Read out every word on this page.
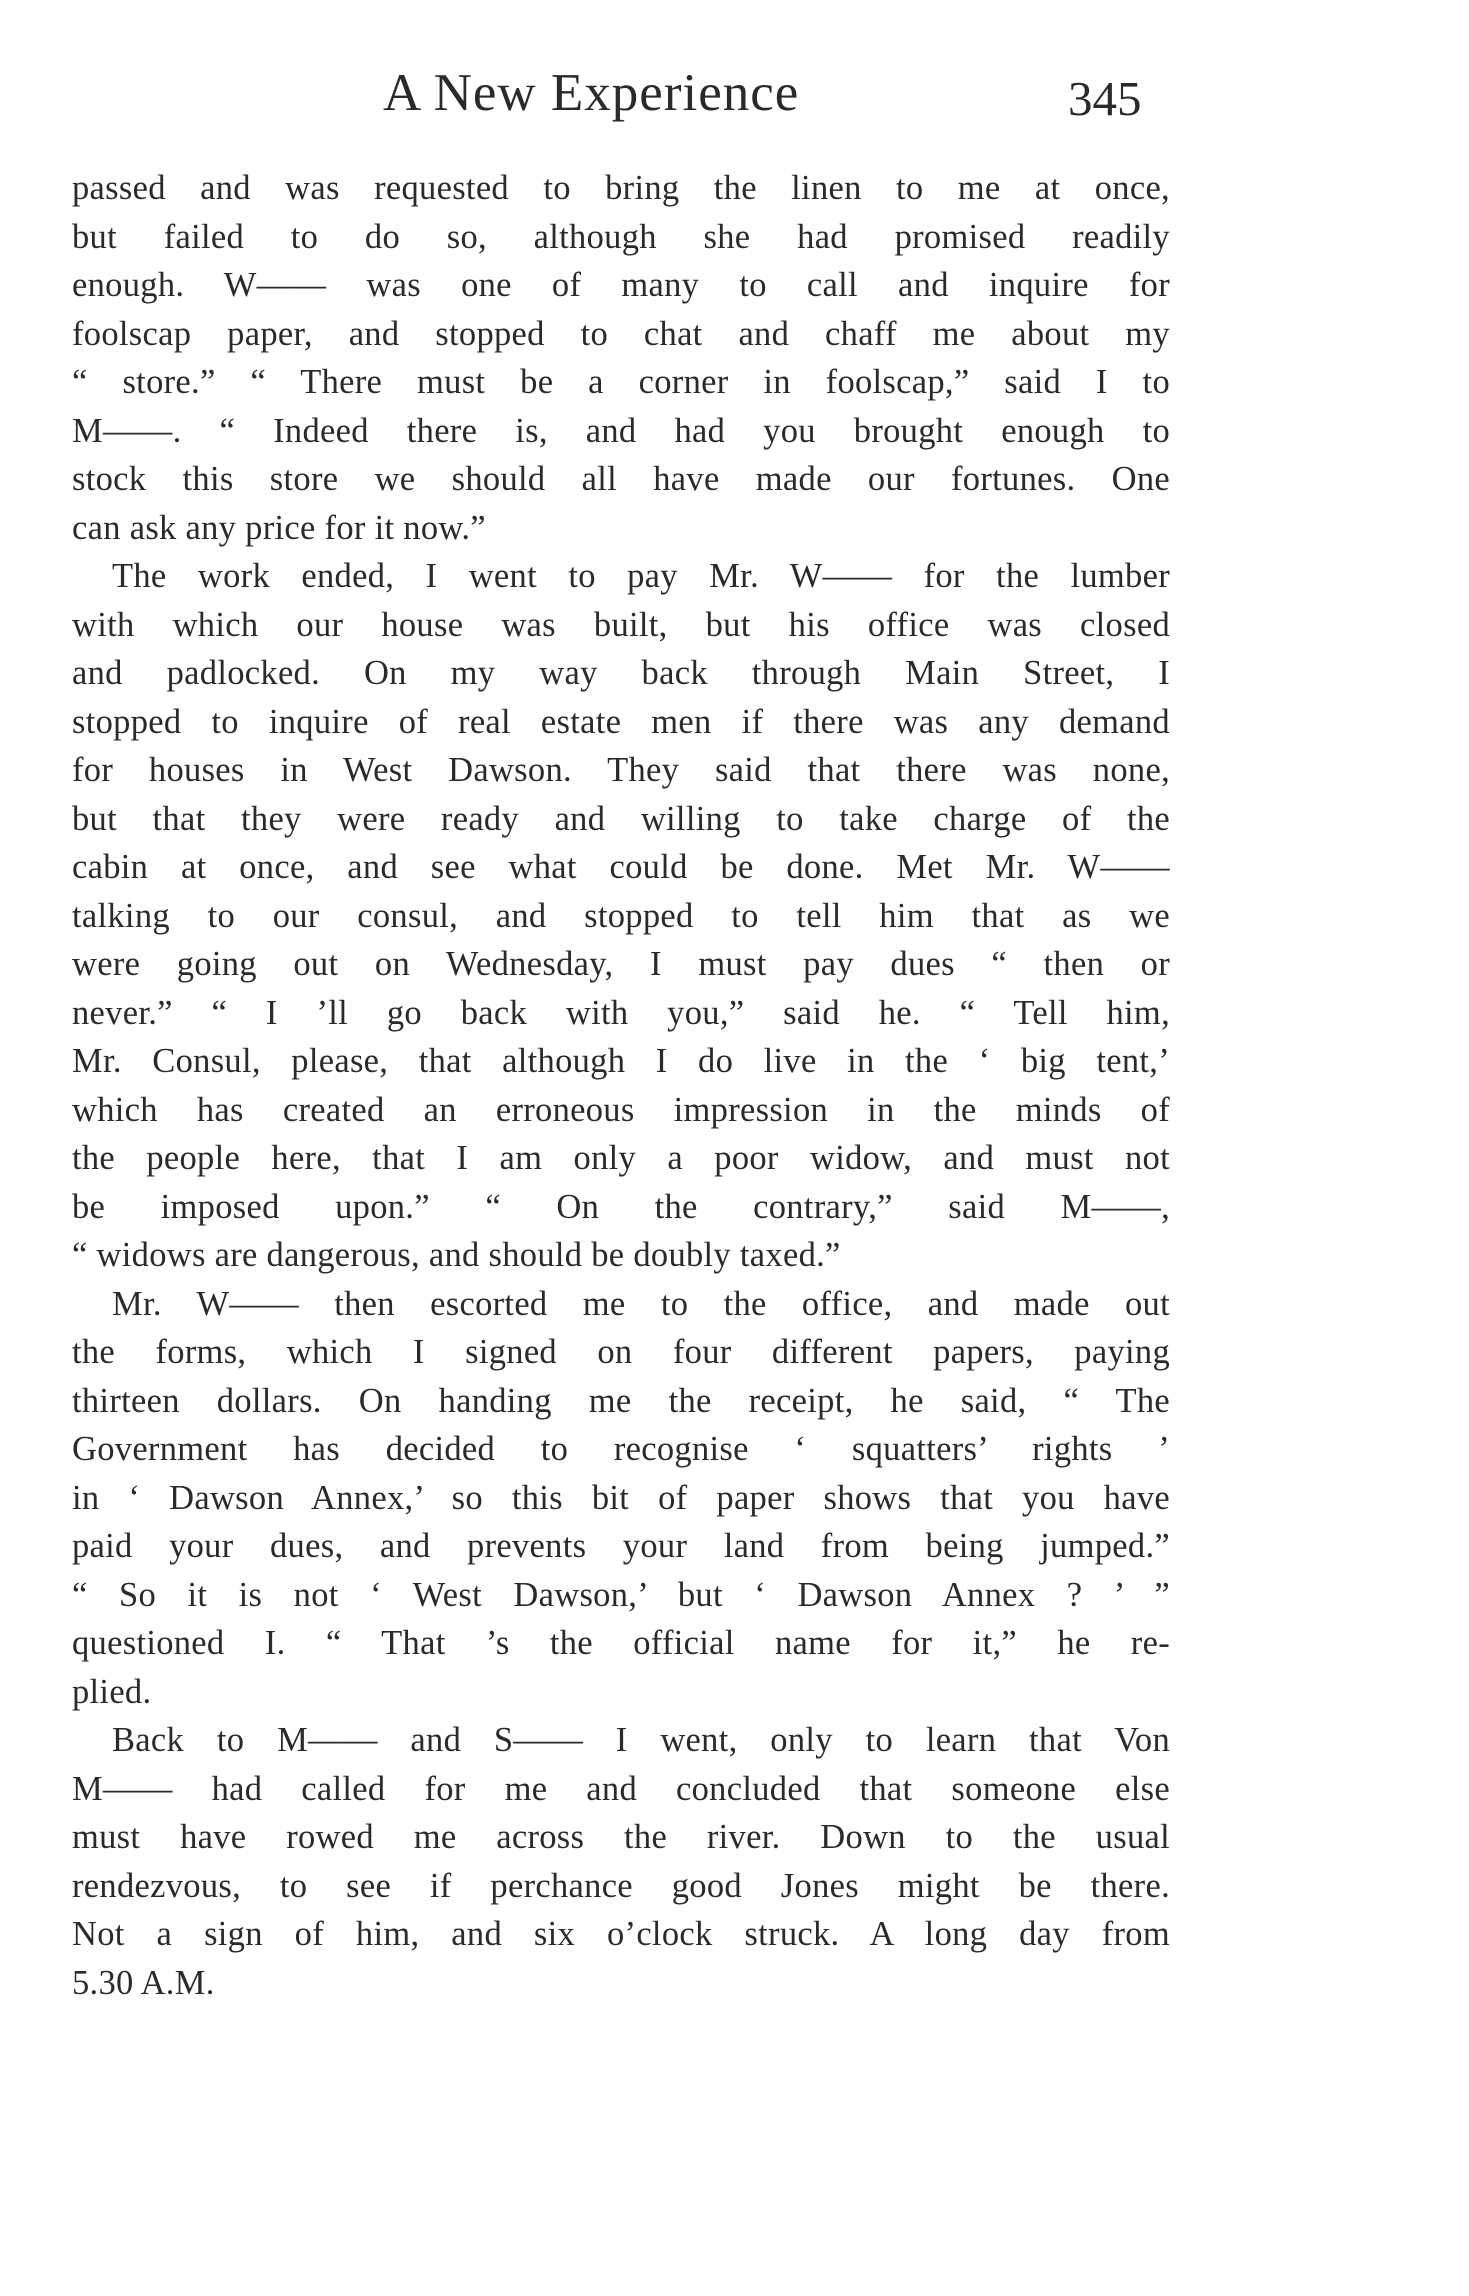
A New Experience	345
passed and was requested to bring the linen to me at once,
but failed to do so, although she had promised readily
enough. W—— was one of many to call and inquire for
foolscap paper, and stopped to chat and chaff me about my
“ store.” “ There must be a corner in foolscap,” said I to
M——. “ Indeed there is, and had you brought enough to
stock this store we should all have made our fortunes. One
can ask any price for it now.”
The work ended, I went to pay Mr. W—— for the lumber
with which our house was built, but his office was closed
and padlocked. On my way back through Main Street, I
stopped to inquire of real estate men if there was any demand
for houses in West Dawson. They said that there was none,
but that they were ready and willing to take charge of the
cabin at once, and see what could be done. Met Mr. W——
talking to our consul, and stopped to tell him that as we
were going out on Wednesday, I must pay dues “ then or
never.” “ I ’ll go back with you,” said he. “ Tell him,
Mr. Consul, please, that although I do live in the ‘ big tent,’
which has created an erroneous impression in the minds of
the people here, that I am only a poor widow, and must not
be imposed upon.” “ On the contrary,” said M——,
“ widows are dangerous, and should be doubly taxed.”
Mr. W—— then escorted me to the office, and made out
the forms, which I signed on four different papers, paying
thirteen dollars. On handing me the receipt, he said, “ The
Government has decided to recognise ‘ squatters’ rights ’
in ‘ Dawson Annex,’ so this bit of paper shows that you have
paid your dues, and prevents your land from being jumped.”
“ So it is not ‘ West Dawson,’ but ‘ Dawson Annex ? ’ ”
questioned I. “ That ’s the official name for it,” he re-
plied.
Back to M—— and S—— I went, only to learn that Von
M—— had called for me and concluded that someone else
must have rowed me across the river. Down to the usual
rendezvous, to see if perchance good Jones might be there.
Not a sign of him, and six o’clock struck. A long day from
5.30 A.M.
